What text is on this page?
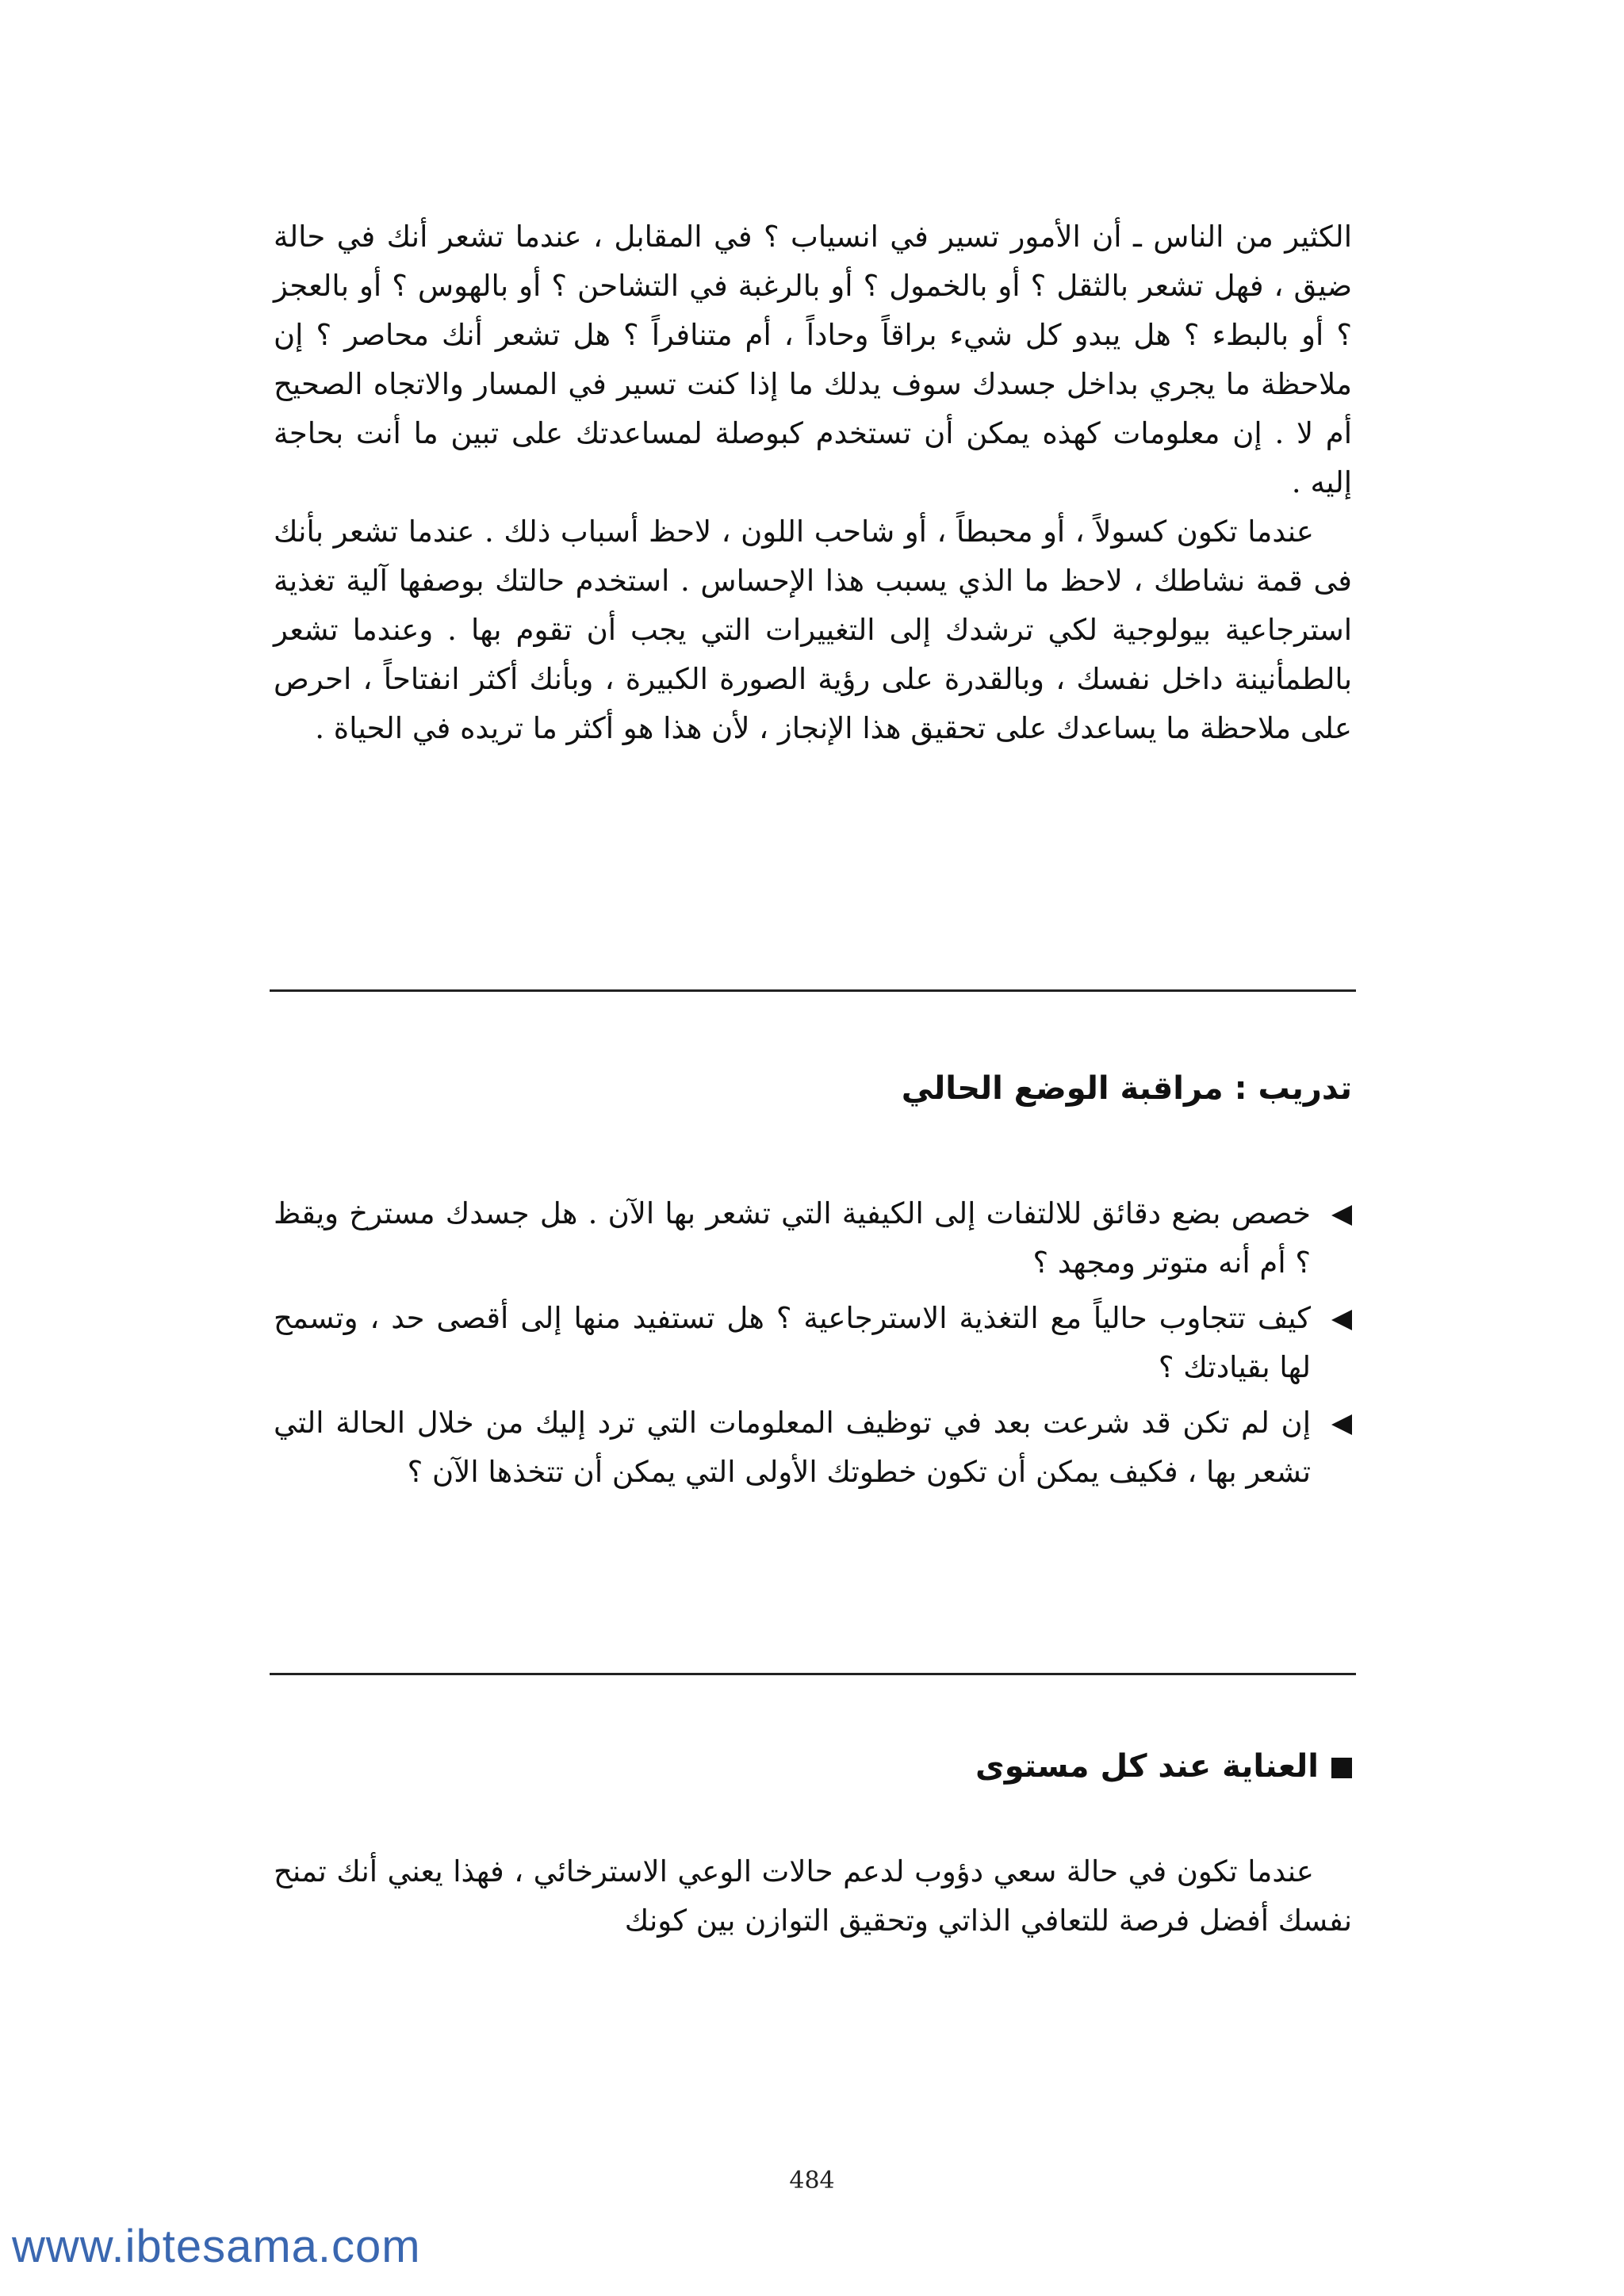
الكثير من الناس ـ أن الأمور تسير في انسياب ؟ في المقابل ، عندما تشعر أنك في حالة ضيق ، فهل تشعر بالثقل ؟ أو بالخمول ؟ أو بالرغبة في التشاحن ؟ أو بالهوس ؟ أو بالعجز ؟ أو بالبطء ؟ هل يبدو كل شيء براقاً وحاداً ، أم متنافراً ؟ هل تشعر أنك محاصر ؟ إن ملاحظة ما يجري بداخل جسدك سوف يدلك ما إذا كنت تسير في المسار والاتجاه الصحيح أم لا . إن معلومات كهذه يمكن أن تستخدم كبوصلة لمساعدتك على تبين ما أنت بحاجة إليه .

عندما تكون كسولاً ، أو محبطاً ، أو شاحب اللون ، لاحظ أسباب ذلك . عندما تشعر بأنك فى قمة نشاطك ، لاحظ ما الذي يسبب هذا الإحساس . استخدم حالتك بوصفها آلية تغذية استرجاعية بيولوجية لكي ترشدك إلى التغييرات التي يجب أن تقوم بها . وعندما تشعر بالطمأنينة داخل نفسك ، وبالقدرة على رؤية الصورة الكبيرة ، وبأنك أكثر انفتاحاً ، احرص على ملاحظة ما يساعدك على تحقيق هذا الإنجاز ، لأن هذا هو أكثر ما تريده في الحياة .

تدريب : مراقبة الوضع الحالي
خصص بضع دقائق للالتفات إلى الكيفية التي تشعر بها الآن . هل جسدك مسترخ ويقظ ؟ أم أنه متوتر ومجهد ؟
كيف تتجاوب حالياً مع التغذية الاسترجاعية ؟ هل تستفيد منها إلى أقصى حد ، وتسمح لها بقيادتك ؟
إن لم تكن قد شرعت بعد في توظيف المعلومات التي ترد إليك من خلال الحالة التي تشعر بها ، فكيف يمكن أن تكون خطوتك الأولى التي يمكن أن تتخذها الآن ؟
العناية عند كل مستوى

عندما تكون في حالة سعي دؤوب لدعم حالات الوعي الاسترخائي ، فهذا يعني أنك تمنح نفسك أفضل فرصة للتعافي الذاتي وتحقيق التوازن بين كونك

484
www.ibtesama.com
